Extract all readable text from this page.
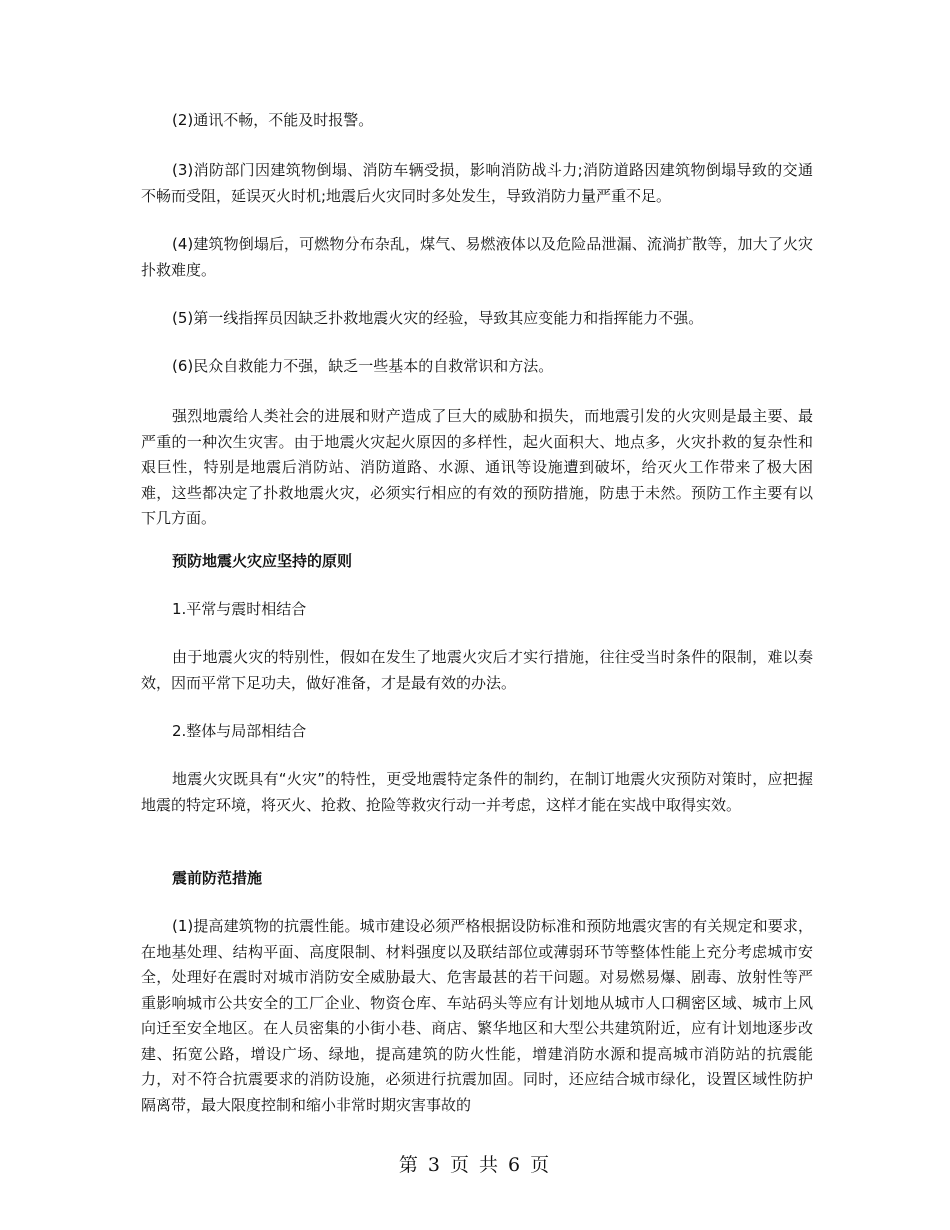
(2)通讯不畅，不能及时报警。

(3)消防部门因建筑物倒塌、消防车辆受损，影响消防战斗力;消防道路因建筑物倒塌导致的交通不畅而受阻，延误灭火时机;地震后火灾同时多处发生，导致消防力量严重不足。

(4)建筑物倒塌后，可燃物分布杂乱，煤气、易燃液体以及危险品泄漏、流淌扩散等，加大了火灾扑救难度。

(5)第一线指挥员因缺乏扑救地震火灾的经验，导致其应变能力和指挥能力不强。

(6)民众自救能力不强，缺乏一些基本的自救常识和方法。

强烈地震给人类社会的进展和财产造成了巨大的威胁和损失，而地震引发的火灾则是最主要、最严重的一种次生灾害。由于地震火灾起火原因的多样性，起火面积大、地点多，火灾扑救的复杂性和艰巨性，特别是地震后消防站、消防道路、水源、通讯等设施遭到破坏，给灭火工作带来了极大困难，这些都决定了扑救地震火灾，必须实行相应的有效的预防措施，防患于未然。预防工作主要有以下几方面。

预防地震火灾应坚持的原则

1.平常与震时相结合

由于地震火灾的特别性，假如在发生了地震火灾后才实行措施，往往受当时条件的限制，难以奏效，因而平常下足功夫，做好准备，才是最有效的办法。

2.整体与局部相结合

地震火灾既具有“火灾”的特性，更受地震特定条件的制约，在制订地震火灾预防对策时，应把握地震的特定环境，将灭火、抢救、抢险等救灾行动一并考虑，这样才能在实战中取得实效。

震前防范措施

(1)提高建筑物的抗震性能。城市建设必须严格根据设防标准和预防地震灾害的有关规定和要求，在地基处理、结构平面、高度限制、材料强度以及联结部位或薄弱环节等整体性能上充分考虑城市安全，处理好在震时对城市消防安全威胁最大、危害最甚的若干问题。对易燃易爆、剧毒、放射性等严重影响城市公共安全的工厂企业、物资仓库、车站码头等应有计划地从城市人口稠密区域、城市上风向迁至安全地区。在人员密集的小街小巷、商店、繁华地区和大型公共建筑附近，应有计划地逐步改建、拓宽公路，增设广场、绿地，提高建筑的防火性能，增建消防水源和提高城市消防站的抗震能力，对不符合抗震要求的消防设施，必须进行抗震加固。同时，还应结合城市绿化，设置区域性防护隔离带，最大限度控制和缩小非常时期灾害事故的

第 3 页 共 6 页
